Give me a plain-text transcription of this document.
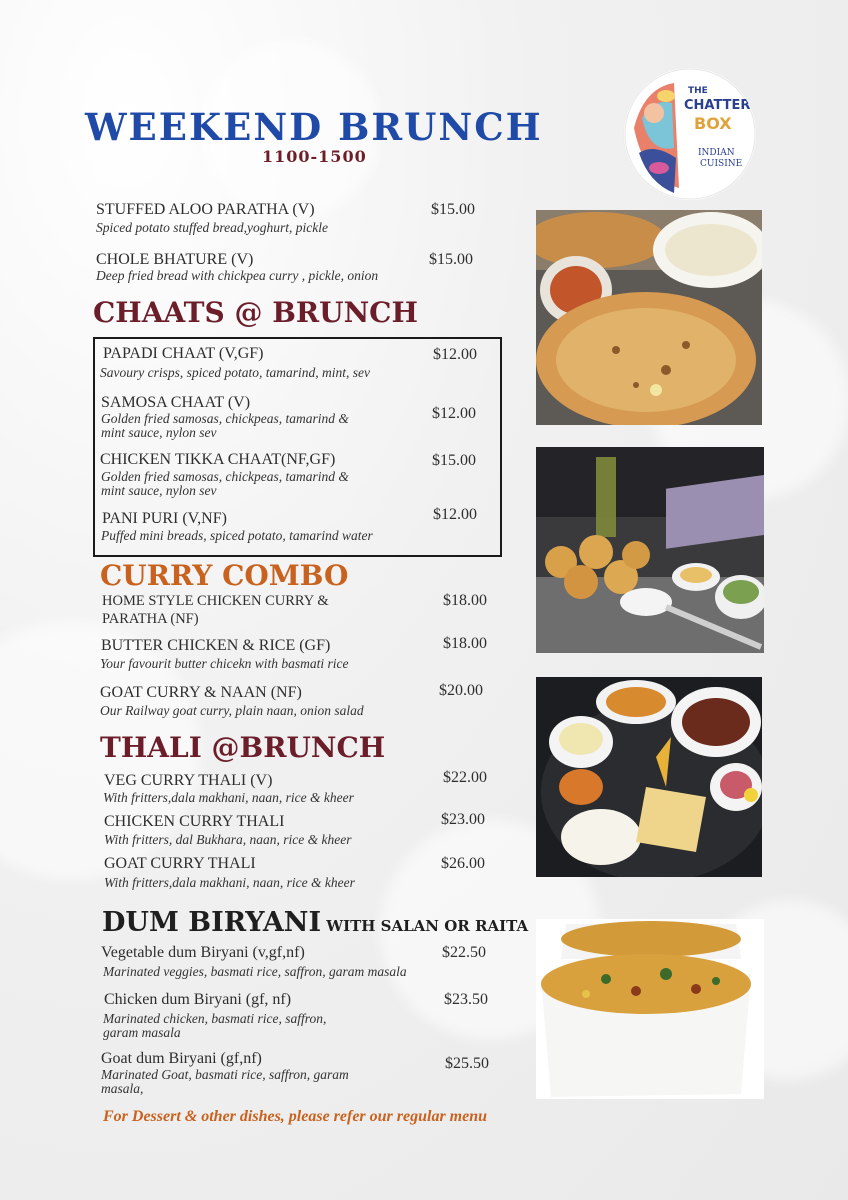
WEEKEND BRUNCH
1100-1500
THE
CHATTER
BOX
INDIAN
CUISINE
STUFFED ALOO PARATHA (V)
Spiced potato stuffed bread,yoghurt, pickle
$15.00
CHOLE BHATURE (V)
Deep fried bread with chickpea curry , pickle, onion
$15.00
CHAATS @ BRUNCH
PAPADI CHAAT (V,GF)
Savoury crisps, spiced potato, tamarind, mint, sev
$12.00
SAMOSA CHAAT (V)
Golden fried samosas, chickpeas, tamarind &
mint sauce, nylon sev
$12.00
CHICKEN TIKKA CHAAT(NF,GF)
Golden fried samosas, chickpeas, tamarind &
mint sauce, nylon sev
$15.00
PANI PURI (V,NF)
Puffed mini breads, spiced potato, tamarind water
$12.00
CURRY COMBO
HOME STYLE CHICKEN CURRY &
PARATHA (NF)
$18.00
BUTTER CHICKEN & RICE (GF)
Your favourit butter chicekn with basmati rice
$18.00
GOAT CURRY & NAAN (NF)
Our Railway goat curry, plain naan, onion salad
$20.00
THALI @BRUNCH
VEG CURRY THALI (V)
With fritters,dala makhani, naan, rice & kheer
$22.00
CHICKEN CURRY THALI
With fritters, dal Bukhara, naan, rice & kheer
$23.00
GOAT CURRY THALI
With fritters,dala makhani, naan, rice & kheer
$26.00
DUM BIRYANI WITH SALAN OR RAITA
Vegetable dum Biryani (v,gf,nf)
Marinated veggies, basmati rice, saffron, garam masala
$22.50
Chicken dum Biryani (gf, nf)
Marinated chicken, basmati rice, saffron,
garam masala
$23.50
Goat dum Biryani (gf,nf)
Marinated Goat, basmati rice, saffron, garam
masala,
$25.50
For Dessert & other dishes, please refer our regular menu
